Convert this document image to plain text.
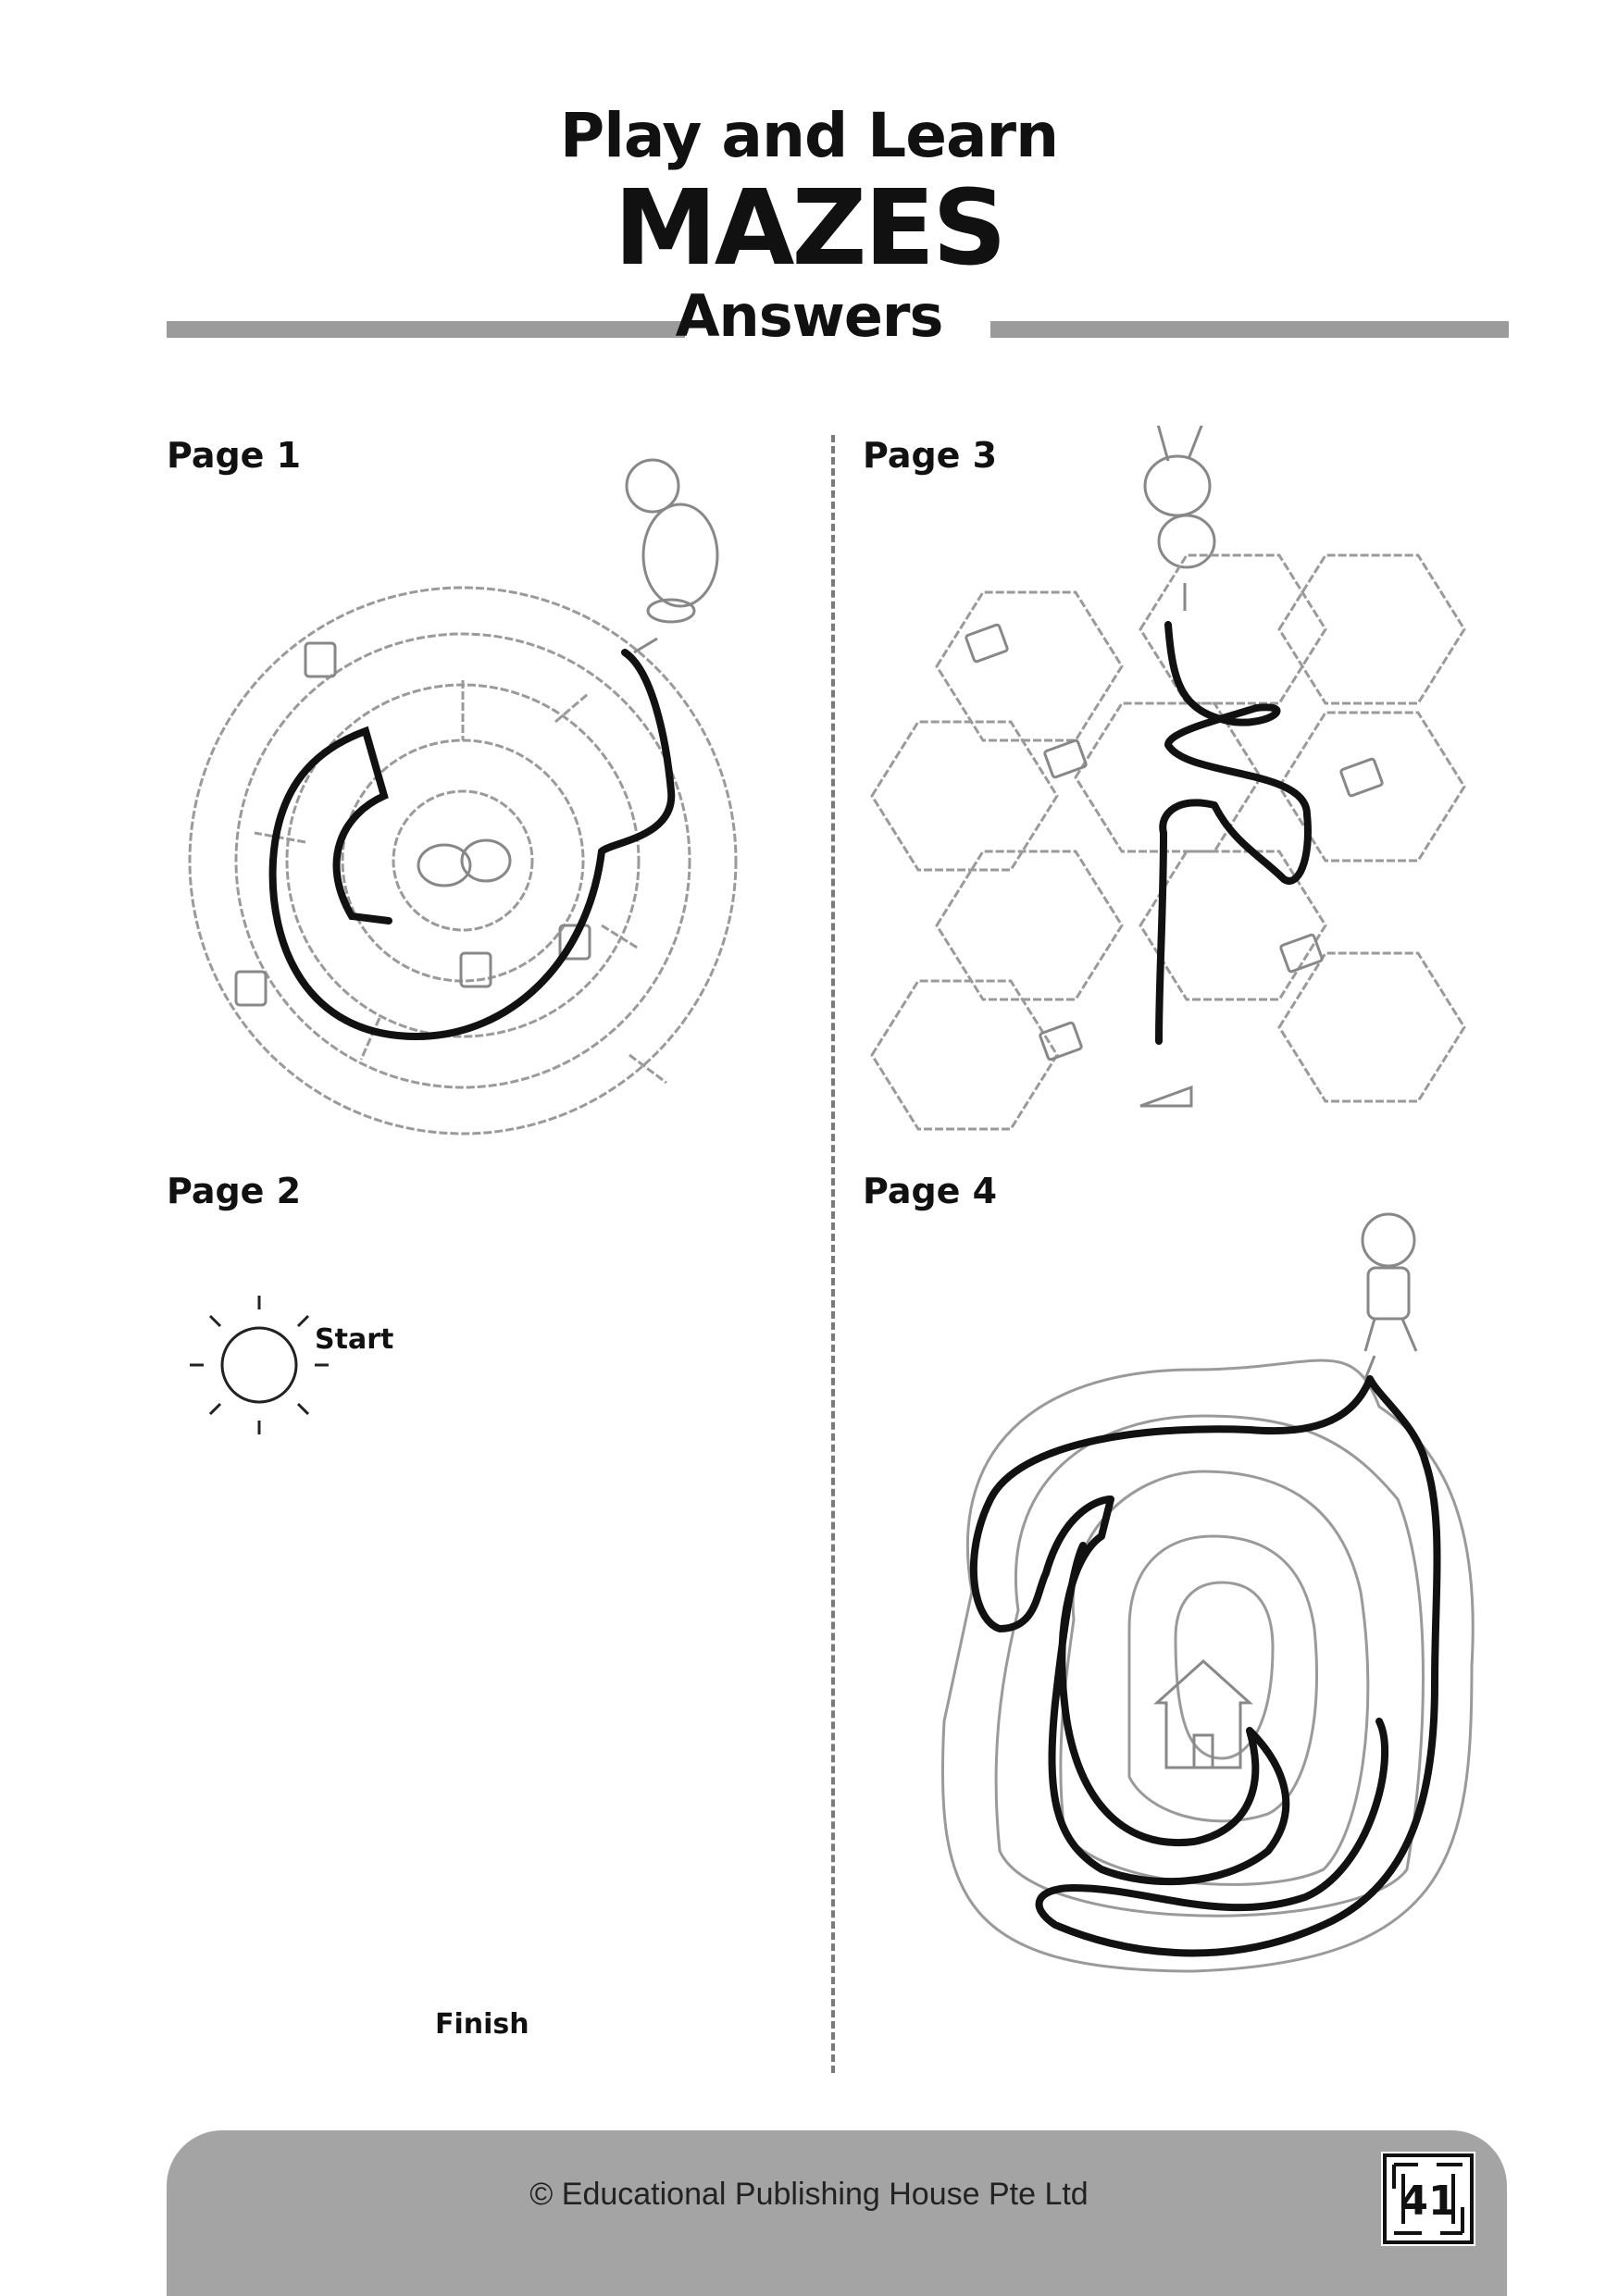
Play and Learn
MAZES
Answers
Page 1	Page 3
Page 2	Page 4
Start
Finish
© Educational Publishing House Pte Ltd	41
